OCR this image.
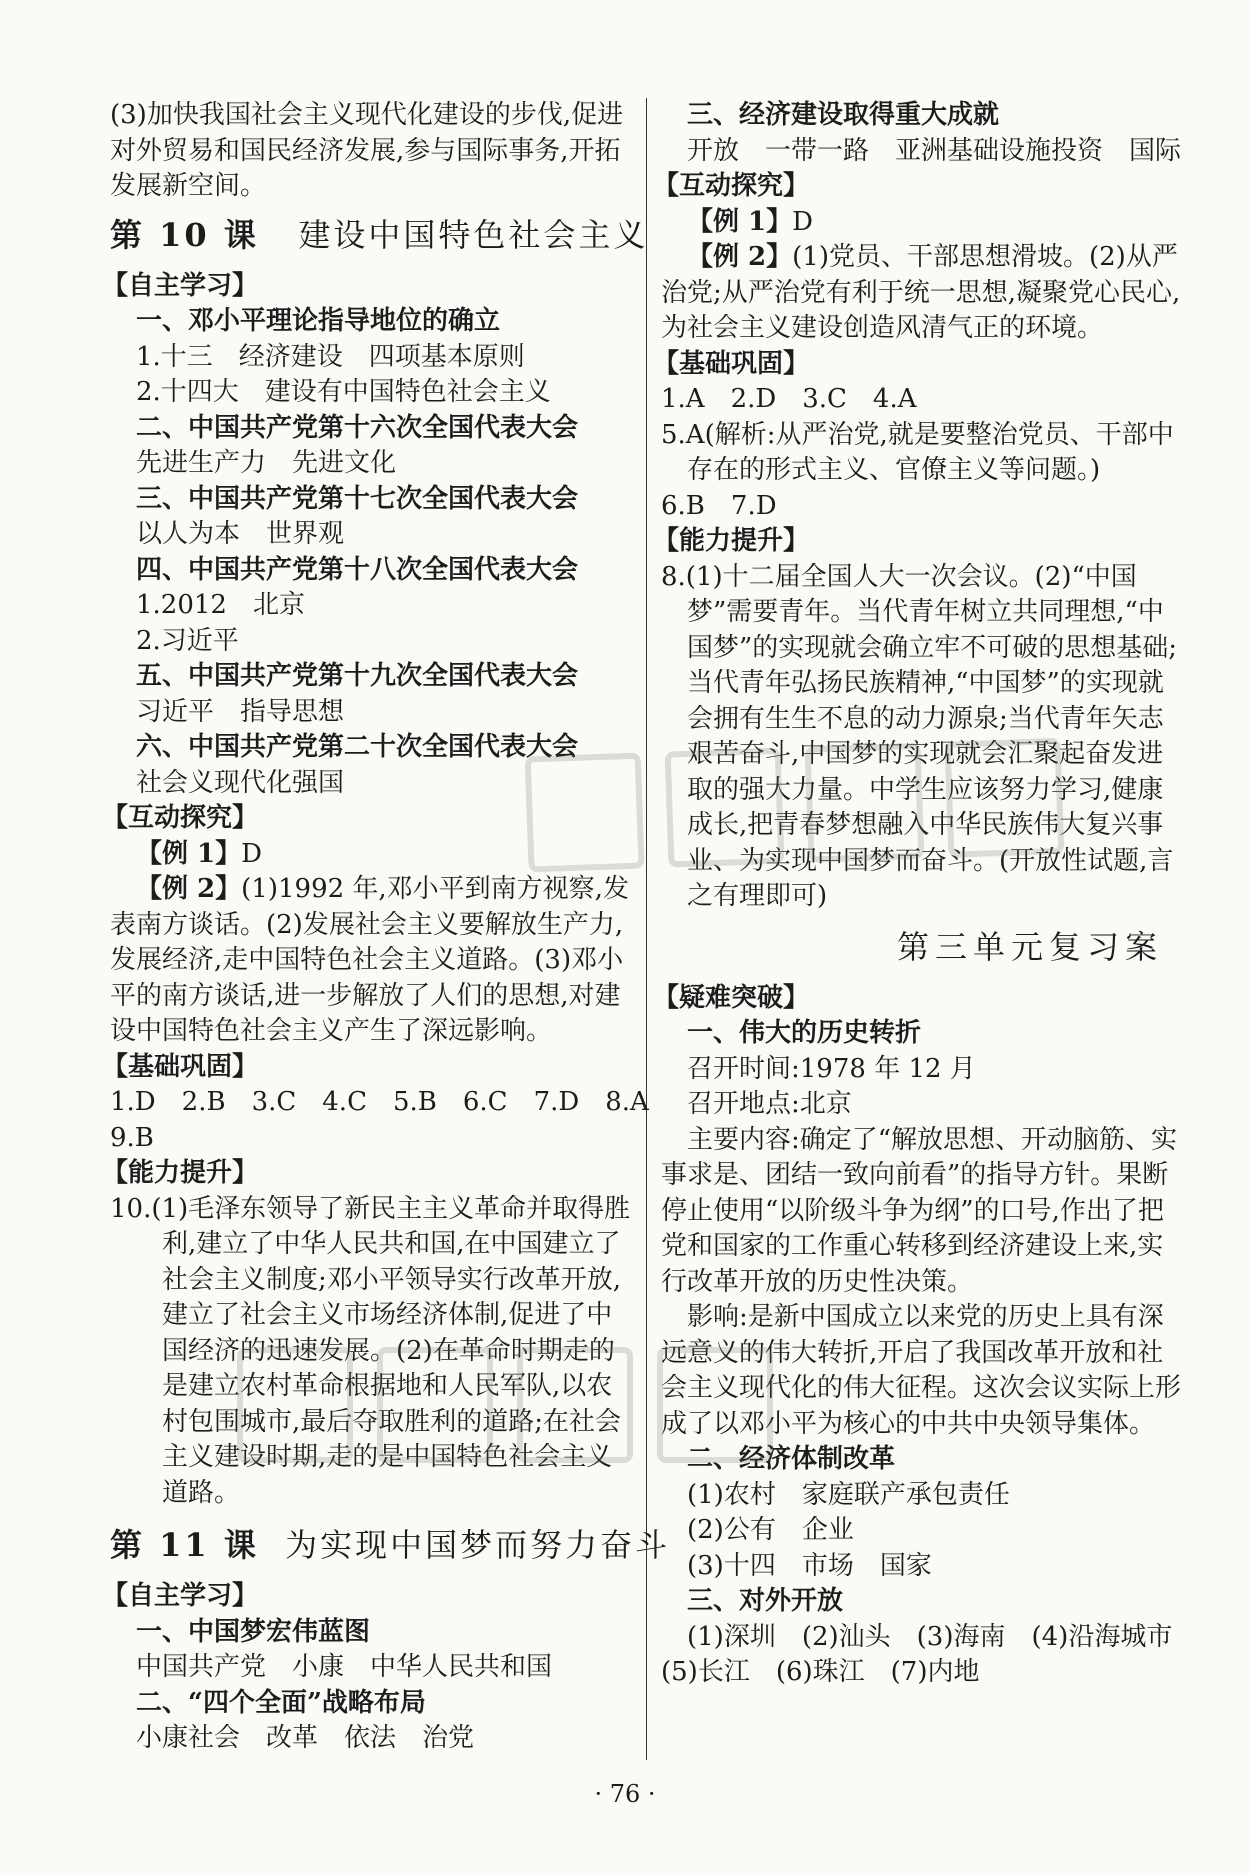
(3)加快我国社会主义现代化建设的步伐,促进对外贸易和国民经济发展,参与国际事务,开拓发展新空间。

第 10 课 建设中国特色社会主义

【自主学习】

一、邓小平理论指导地位的确立

1.十三　经济建设　四项基本原则

2.十四大　建设有中国特色社会主义

二、中国共产党第十六次全国代表大会

先进生产力　先进文化

三、中国共产党第十七次全国代表大会

以人为本　世界观

四、中国共产党第十八次全国代表大会

1.2012　北京

2.习近平

五、中国共产党第十九次全国代表大会

习近平　指导思想

六、中国共产党第二十次全国代表大会

社会义现代化强国

【互动探究】

【例 1】D

【例 2】(1)1992 年,邓小平到南方视察,发表南方谈话。(2)发展社会主义要解放生产力,发展经济,走中国特色社会主义道路。(3)邓小平的南方谈话,进一步解放了人们的思想,对建设中国特色社会主义产生了深远影响。

【基础巩固】

1.D　2.B　3.C　4.C　5.B　6.C　7.D　8.A

9.B

【能力提升】

10.(1)毛泽东领导了新民主主义革命并取得胜利,建立了中华人民共和国,在中国建立了社会主义制度;邓小平领导实行改革开放,建立了社会主义市场经济体制,促进了中国经济的迅速发展。(2)在革命时期走的是建立农村革命根据地和人民军队,以农村包围城市,最后夺取胜利的道路;在社会主义建设时期,走的是中国特色社会主义道路。

第 11 课 为实现中国梦而努力奋斗

【自主学习】

一、中国梦宏伟蓝图

中国共产党　小康　中华人民共和国

二、“四个全面”战略布局

小康社会　改革　依法　治党

三、经济建设取得重大成就

开放　一带一路　亚洲基础设施投资　国际

【互动探究】

【例 1】D

【例 2】(1)党员、干部思想滑坡。(2)从严治党;从严治党有利于统一思想,凝聚党心民心,为社会主义建设创造风清气正的环境。

【基础巩固】

1.A　2.D　3.C　4.A

5.A(解析:从严治党,就是要整治党员、干部中存在的形式主义、官僚主义等问题。)

6.B　7.D

【能力提升】

8.(1)十二届全国人大一次会议。(2)“中国梦”需要青年。当代青年树立共同理想,“中国梦”的实现就会确立牢不可破的思想基础;当代青年弘扬民族精神,“中国梦”的实现就会拥有生生不息的动力源泉;当代青年矢志艰苦奋斗,中国梦的实现就会汇聚起奋发进取的强大力量。中学生应该努力学习,健康成长,把青春梦想融入中华民族伟大复兴事业、为实现中国梦而奋斗。(开放性试题,言之有理即可)

第三单元复习案

【疑难突破】

一、伟大的历史转折

召开时间:1978 年 12 月

召开地点:北京

主要内容:确定了“解放思想、开动脑筋、实事求是、团结一致向前看”的指导方针。果断停止使用“以阶级斗争为纲”的口号,作出了把党和国家的工作重心转移到经济建设上来,实行改革开放的历史性决策。

影响:是新中国成立以来党的历史上具有深远意义的伟大转折,开启了我国改革开放和社会主义现代化的伟大征程。这次会议实际上形成了以邓小平为核心的中共中央领导集体。

二、经济体制改革

(1)农村　家庭联产承包责任

(2)公有　企业

(3)十四　市场　国家

三、对外开放

(1)深圳　(2)汕头　(3)海南　(4)沿海城市　(5)长江　(6)珠江　(7)内地

· 76 ·
